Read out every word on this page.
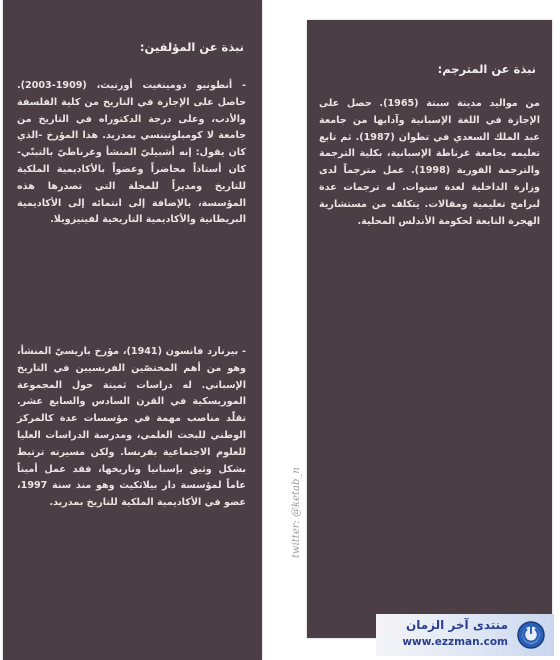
نبذة عن المؤلفين:

- أنطونيو دومينغيت أورتيث، (1909-2003). حاصل على الإجازة في التاريخ من كلية الفلسفة والأدب، وعلى درجة الدكتوراه في التاريخ من جامعة لا كومبلوتينسي بمدريد. هذا المؤرخ -الذي كان يقول: إنه أشبيليّ المنشأ وغرناطيّ بالتبنّي- كان أستاذاً محاضراً وعضواً بالأكاديمية الملكية للتاريخ ومديراً للمجلة التي تصدرها هذه المؤسسة، بالإضافة إلى انتمائه إلى الأكاديمية البريطانية والأكاديمية التاريخية لفينيزويلا.

- بيرنارد فانسون (1941)، مؤرخ باريسيّ المنشأ، وهو من أهم المختصّين الفرنسيين في التاريخ الإسباني. له دراسات ثمينة حول المجموعة الموريسكية في القرن السادس والسابع عشر. تقلّد مناصب مهمة في مؤسسات عدة كالمركز الوطني للبحث العلمي، ومدرسة الدراسات العليا للعلوم الاجتماعية بفرنسا. ولكن مسيرته ترتبط بشكل وثيق بإسبانيا وتاريخها، فقد عمل أميناً عاماً لمؤسسة دار بيلاثكيث وهو منذ سنة 1997، عضو في الأكاديمية الملكية للتاريخ بمدريد.

نبذة عن المترجم:

من مواليد مدينة سبتة (1965). حصل على الإجازة في اللغة الإسبانية وآدابها من جامعة عبد الملك السعدي في تطوان (1987). ثم تابع تعليمه بجامعة غرناطة الإسبانية، بكلية الترجمة والترجمة الفورية (1998). عمل مترجماً لدى وزارة الداخلية لعدة سنوات. له ترجمات عدة لبرامج تعليمية ومقالات. يتكلف من مستشارية الهجرة التابعة لحكومة الأندلس المحلية.

twitter: @ketab_n
منتدى آخر الزمان
www.ezzman.com
